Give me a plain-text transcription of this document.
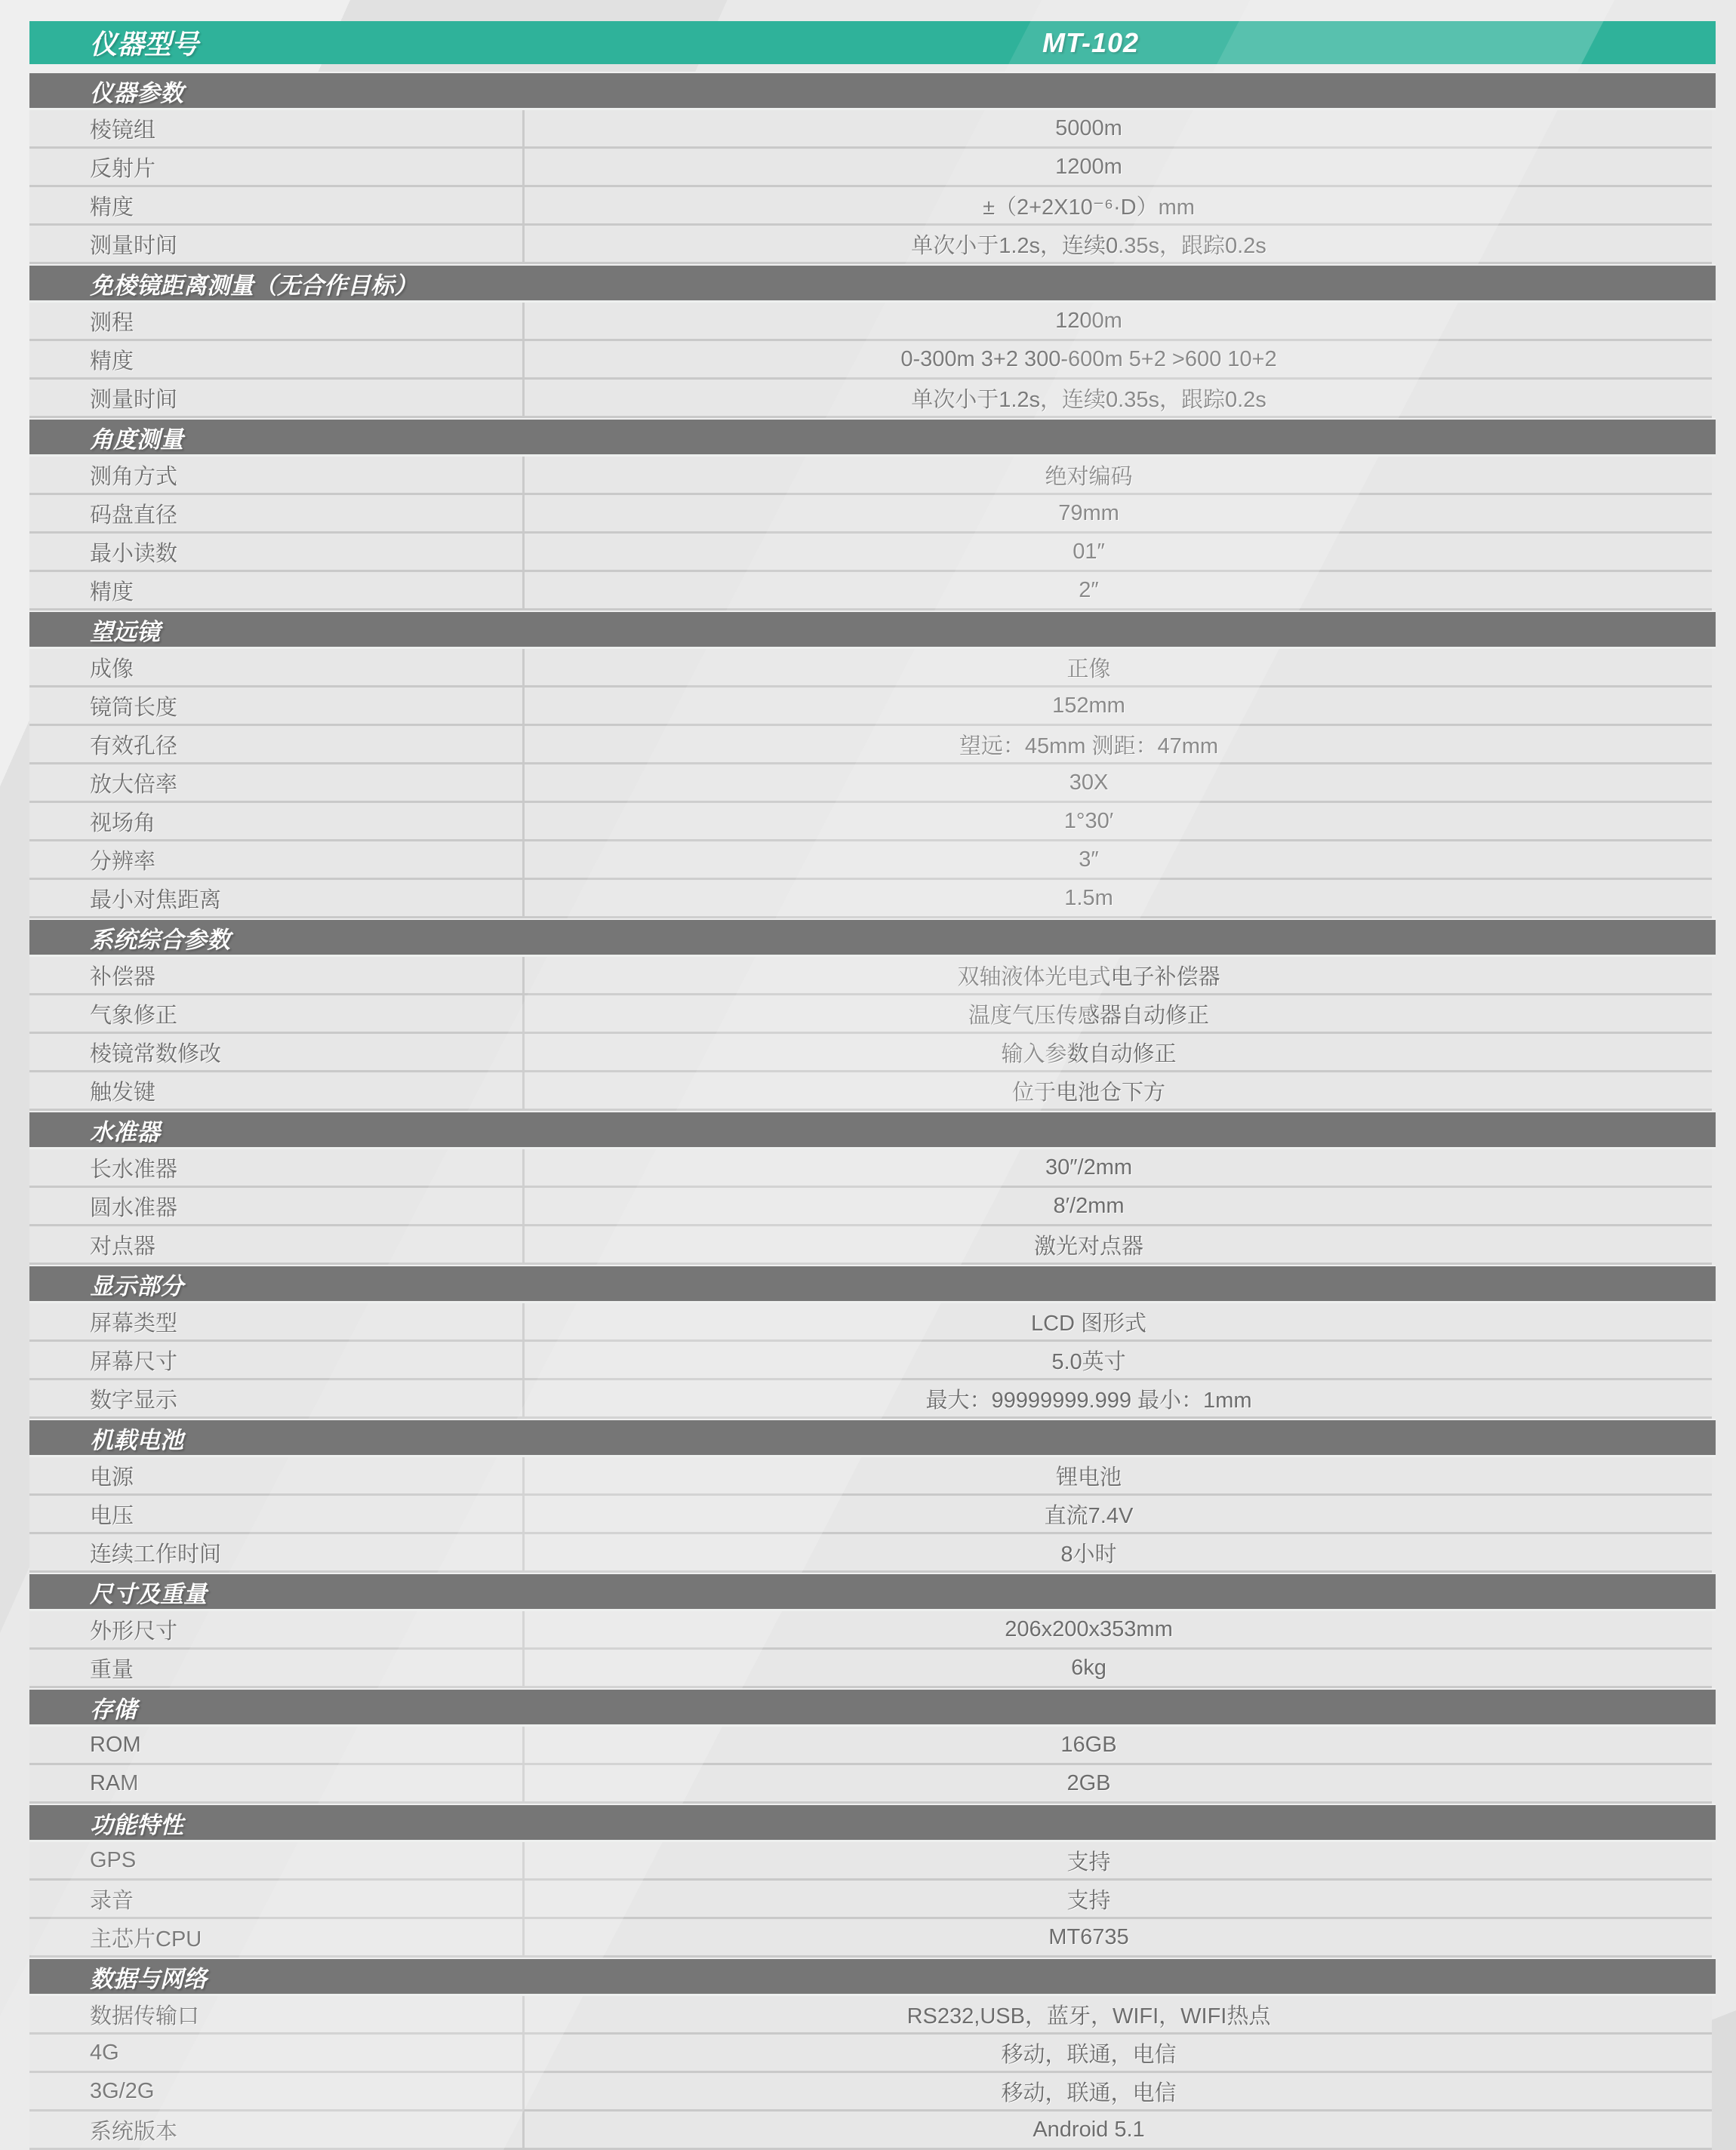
仪器型号	MT-102
仪器参数
棱镜组	5000m
反射片	1200m
精度	±（2+2X10⁻⁶·D）mm
测量时间	单次小于1.2s，连续0.35s，跟踪0.2s
免棱镜距离测量（无合作目标）
测程	1200m
精度	0-300m 3+2 300-600m 5+2 >600 10+2
测量时间	单次小于1.2s，连续0.35s，跟踪0.2s
角度测量
测角方式	绝对编码
码盘直径	79mm
最小读数	01″
精度	2″
望远镜
成像	正像
镜筒长度	152mm
有效孔径	望远：45mm 测距：47mm
放大倍率	30X
视场角	1°30′
分辨率	3″
最小对焦距离	1.5m
系统综合参数
补偿器	双轴液体光电式电子补偿器
气象修正	温度气压传感器自动修正
棱镜常数修改	输入参数自动修正
触发键	位于电池仓下方
水准器
长水准器	30″/2mm
圆水准器	8′/2mm
对点器	激光对点器
显示部分
屏幕类型	LCD 图形式
屏幕尺寸	5.0英寸
数字显示	最大：99999999.999 最小：1mm
机载电池
电源	锂电池
电压	直流7.4V
连续工作时间	8小时
尺寸及重量
外形尺寸	206x200x353mm
重量	6kg
存储
ROM	16GB
RAM	2GB
功能特性
GPS	支持
录音	支持
主芯片CPU	MT6735
数据与网络
数据传输口	RS232,USB，蓝牙，WIFI，WIFI热点
4G	移动，联通，电信
3G/2G	移动，联通，电信
系统版本	Android 5.1
